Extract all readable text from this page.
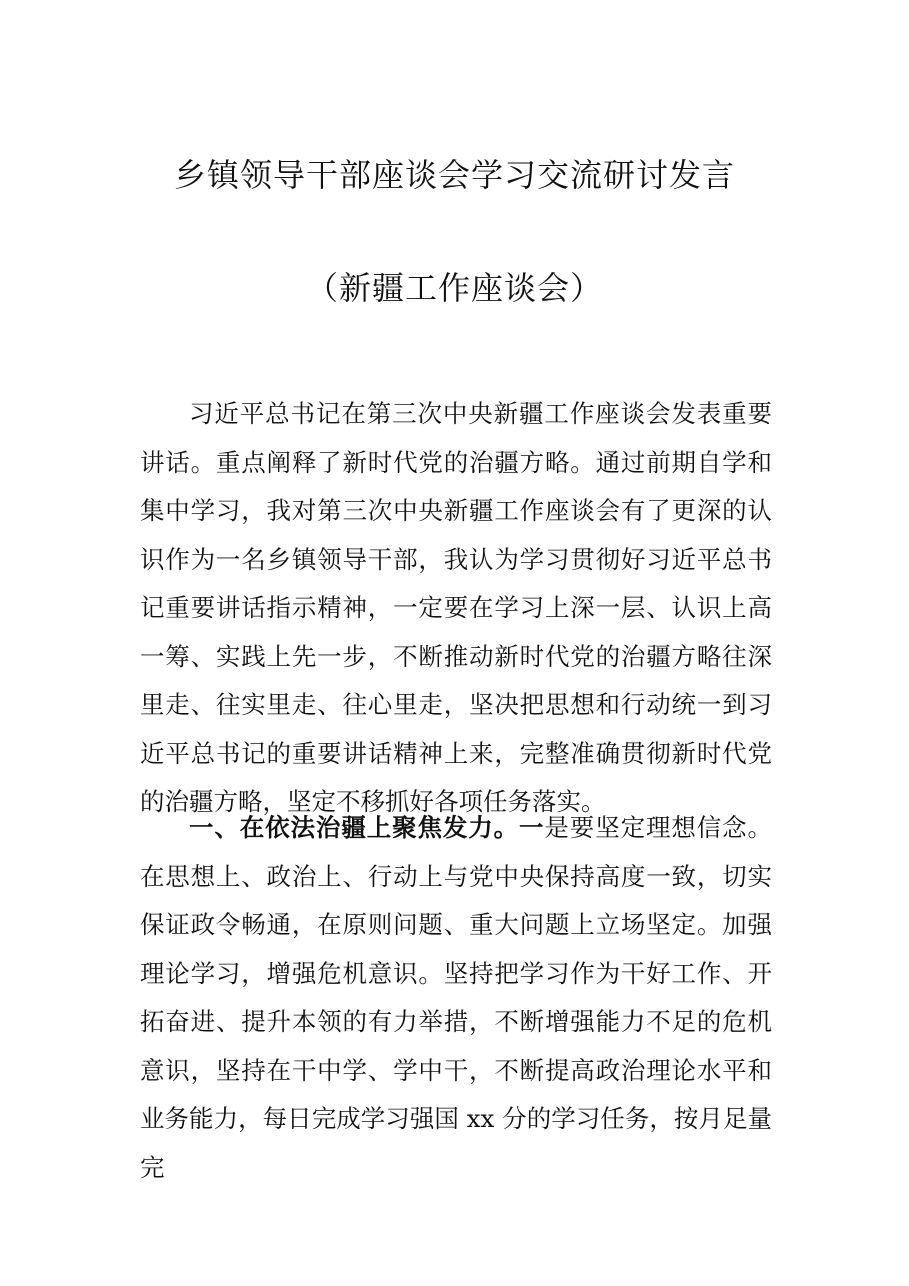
乡镇领导干部座谈会学习交流研讨发言
（新疆工作座谈会）

习近平总书记在第三次中央新疆工作座谈会发表重要讲话。重点阐释了新时代党的治疆方略。通过前期自学和集中学习，我对第三次中央新疆工作座谈会有了更深的认识作为一名乡镇领导干部，我认为学习贯彻好习近平总书记重要讲话指示精神，一定要在学习上深一层、认识上高一筹、实践上先一步，不断推动新时代党的治疆方略往深里走、往实里走、往心里走，坚决把思想和行动统一到习近平总书记的重要讲话精神上来，完整准确贯彻新时代党的治疆方略，坚定不移抓好各项任务落实。

一、在依法治疆上聚焦发力。一是要坚定理想信念。在思想上、政治上、行动上与党中央保持高度一致，切实保证政令畅通，在原则问题、重大问题上立场坚定。加强理论学习，增强危机意识。坚持把学习作为干好工作、开拓奋进、提升本领的有力举措，不断增强能力不足的危机意识，坚持在干中学、学中干，不断提高政治理论水平和业务能力，每日完成学习强国 xx 分的学习任务，按月足量完
